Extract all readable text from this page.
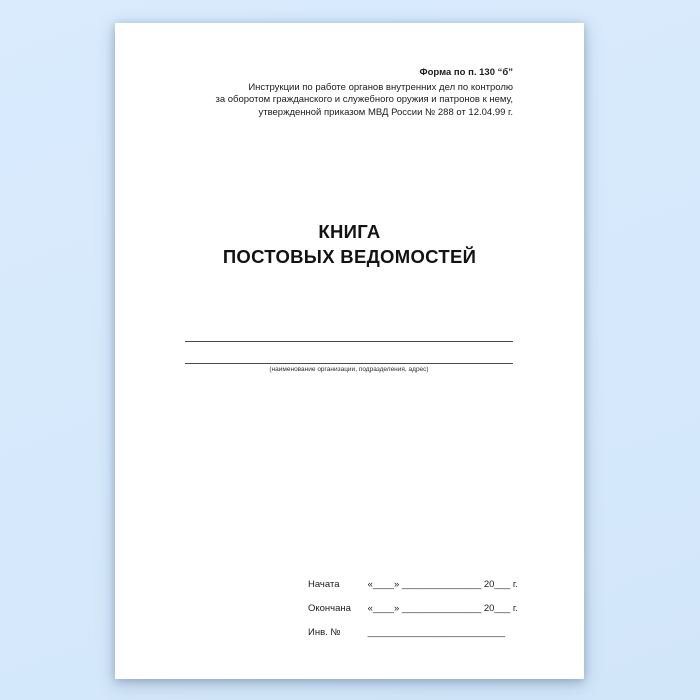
Форма по п. 130 “б”
Инструкции по работе органов внутренних дел по контролю
за оборотом гражданского и служебного оружия и патронов к нему,
утвержденной приказом МВД России № 288 от 12.04.99 г.
КНИГА
ПОСТОВЫХ ВЕДОМОСТЕЙ
(наименование организации, подразделения, адрес)
Начата	«____» _______________ 20___ г.
Окончана «____» _______________ 20___ г.
Инв. №	__________________________
